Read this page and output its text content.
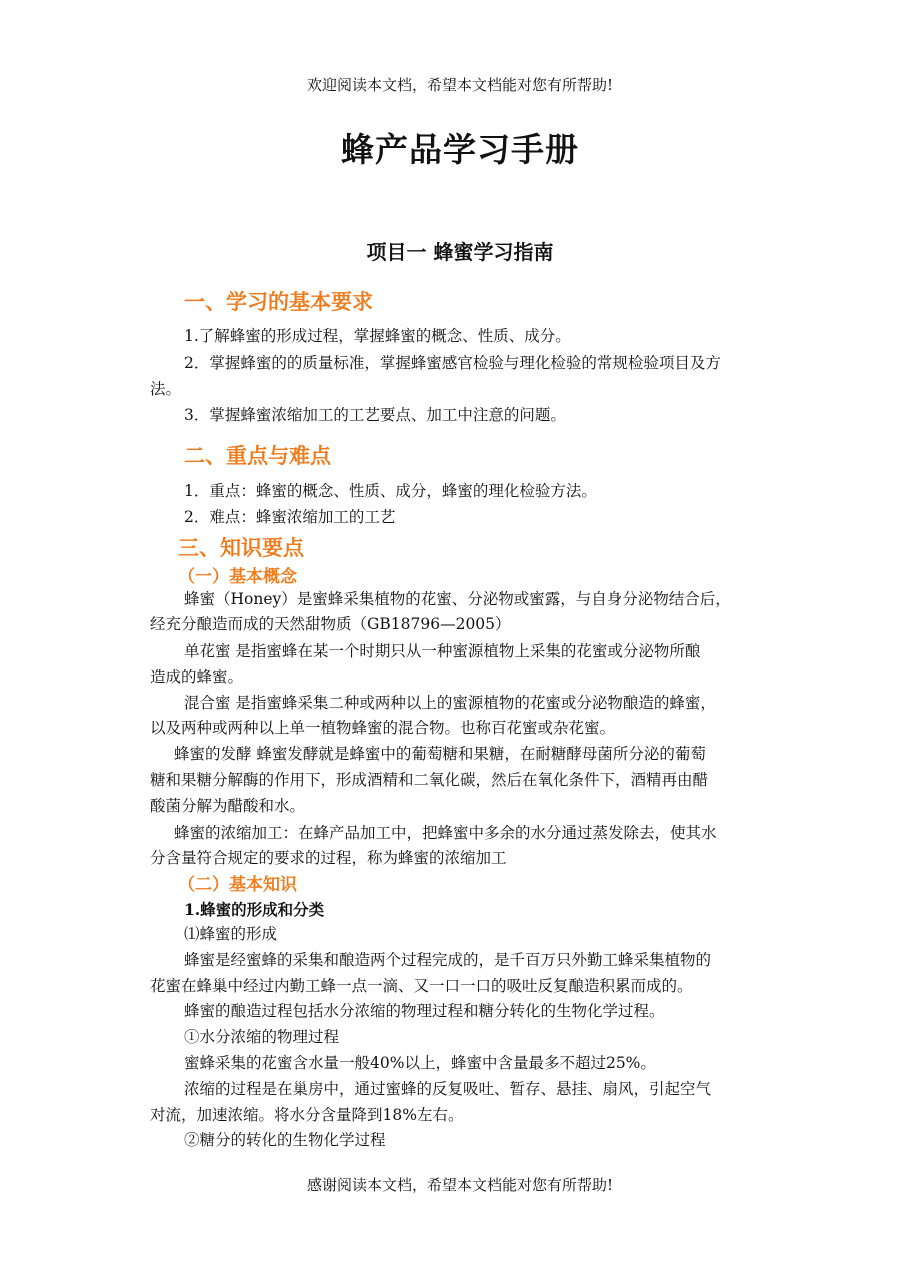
欢迎阅读本文档，希望本文档能对您有所帮助!
蜂产品学习手册
项目一 蜂蜜学习指南
一、学习的基本要求
1.了解蜂蜜的形成过程，掌握蜂蜜的概念、性质、成分。
2．掌握蜂蜜的的质量标准，掌握蜂蜜感官检验与理化检验的常规检验项目及方
法。
3．掌握蜂蜜浓缩加工的工艺要点、加工中注意的问题。
二、重点与难点
1．重点：蜂蜜的概念、性质、成分，蜂蜜的理化检验方法。
2．难点：蜂蜜浓缩加工的工艺
三、知识要点
（一）基本概念
蜂蜜（Honey）是蜜蜂采集植物的花蜜、分泌物或蜜露，与自身分泌物结合后，
经充分酿造而成的天然甜物质（GB18796—2005）
单花蜜 是指蜜蜂在某一个时期只从一种蜜源植物上采集的花蜜或分泌物所酿
造成的蜂蜜。
混合蜜 是指蜜蜂采集二种或两种以上的蜜源植物的花蜜或分泌物酿造的蜂蜜，
以及两种或两种以上单一植物蜂蜜的混合物。也称百花蜜或杂花蜜。
蜂蜜的发酵 蜂蜜发酵就是蜂蜜中的葡萄糖和果糖，在耐糖酵母菌所分泌的葡萄
糖和果糖分解酶的作用下，形成酒精和二氧化碳，然后在氧化条件下，酒精再由醋
酸菌分解为醋酸和水。
蜂蜜的浓缩加工：在蜂产品加工中，把蜂蜜中多余的水分通过蒸发除去，使其水
分含量符合规定的要求的过程，称为蜂蜜的浓缩加工
（二）基本知识
1.蜂蜜的形成和分类
⑴蜂蜜的形成
蜂蜜是经蜜蜂的采集和酿造两个过程完成的，是千百万只外勤工蜂采集植物的
花蜜在蜂巢中经过内勤工蜂一点一滴、又一口一口的吸吐反复酿造积累而成的。
蜂蜜的酿造过程包括水分浓缩的物理过程和糖分转化的生物化学过程。
①水分浓缩的物理过程
蜜蜂采集的花蜜含水量一般40%以上，蜂蜜中含量最多不超过25%。
浓缩的过程是在巢房中，通过蜜蜂的反复吸吐、暂存、悬挂、扇风，引起空气
对流，加速浓缩。将水分含量降到18%左右。
②糖分的转化的生物化学过程
感谢阅读本文档，希望本文档能对您有所帮助!
